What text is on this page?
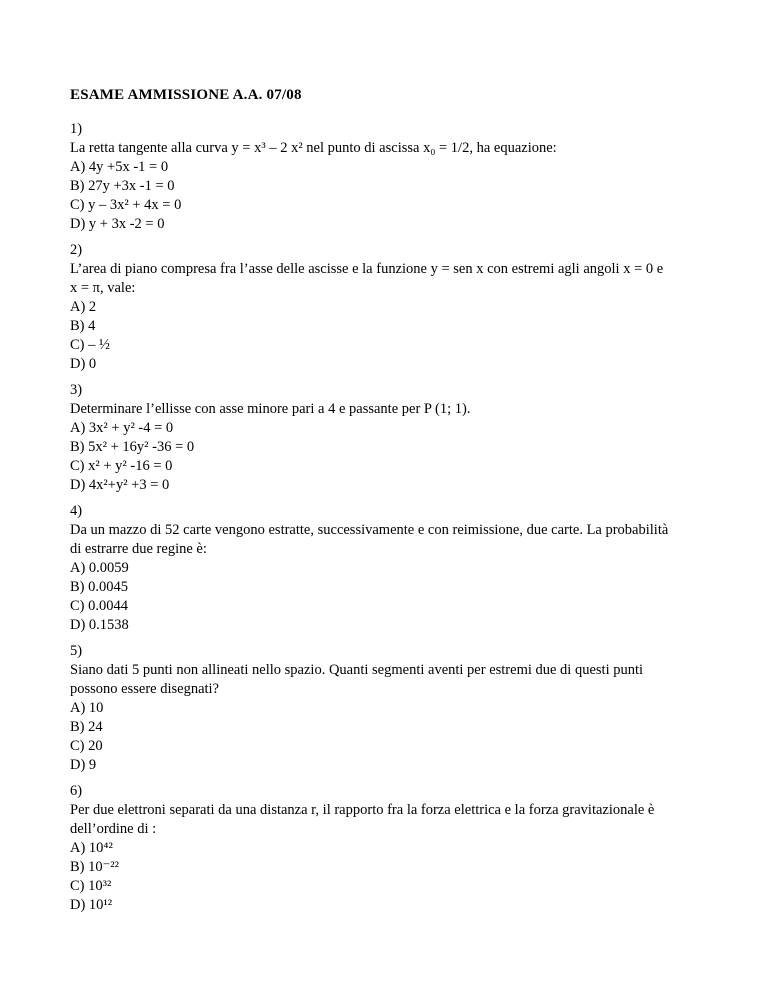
ESAME AMMISSIONE A.A. 07/08
1)
La retta tangente alla curva y = x³ – 2 x² nel punto di ascissa x₀ = 1/2, ha equazione:
A) 4y +5x -1 = 0
B) 27y +3x -1 = 0
C) y – 3x² + 4x = 0
D) y + 3x -2 = 0
2)
L’area di piano compresa fra l’asse delle ascisse e la funzione y = sen x con estremi agli angoli x = 0 e
x = π, vale:
A) 2
B) 4
C) – ½
D) 0
3)
Determinare l’ellisse con asse minore pari a 4 e passante per P (1; 1).
A) 3x² + y² -4 = 0
B) 5x² + 16y² -36 = 0
C) x² + y² -16 = 0
D) 4x²+y² +3 = 0
4)
Da un mazzo di 52 carte vengono estratte, successivamente e con reimissione, due carte. La probabilità
di estrarre due regine è:
A) 0.0059
B) 0.0045
C) 0.0044
D) 0.1538
5)
Siano dati 5 punti non allineati nello spazio. Quanti segmenti aventi per estremi due di questi punti
possono essere disegnati?
A) 10
B) 24
C) 20
D) 9
6)
Per due elettroni separati da una distanza r, il rapporto fra la forza elettrica e la forza gravitazionale è
dell’ordine di :
A) 10⁴²
B) 10⁻²²
C) 10³²
D) 10¹²
